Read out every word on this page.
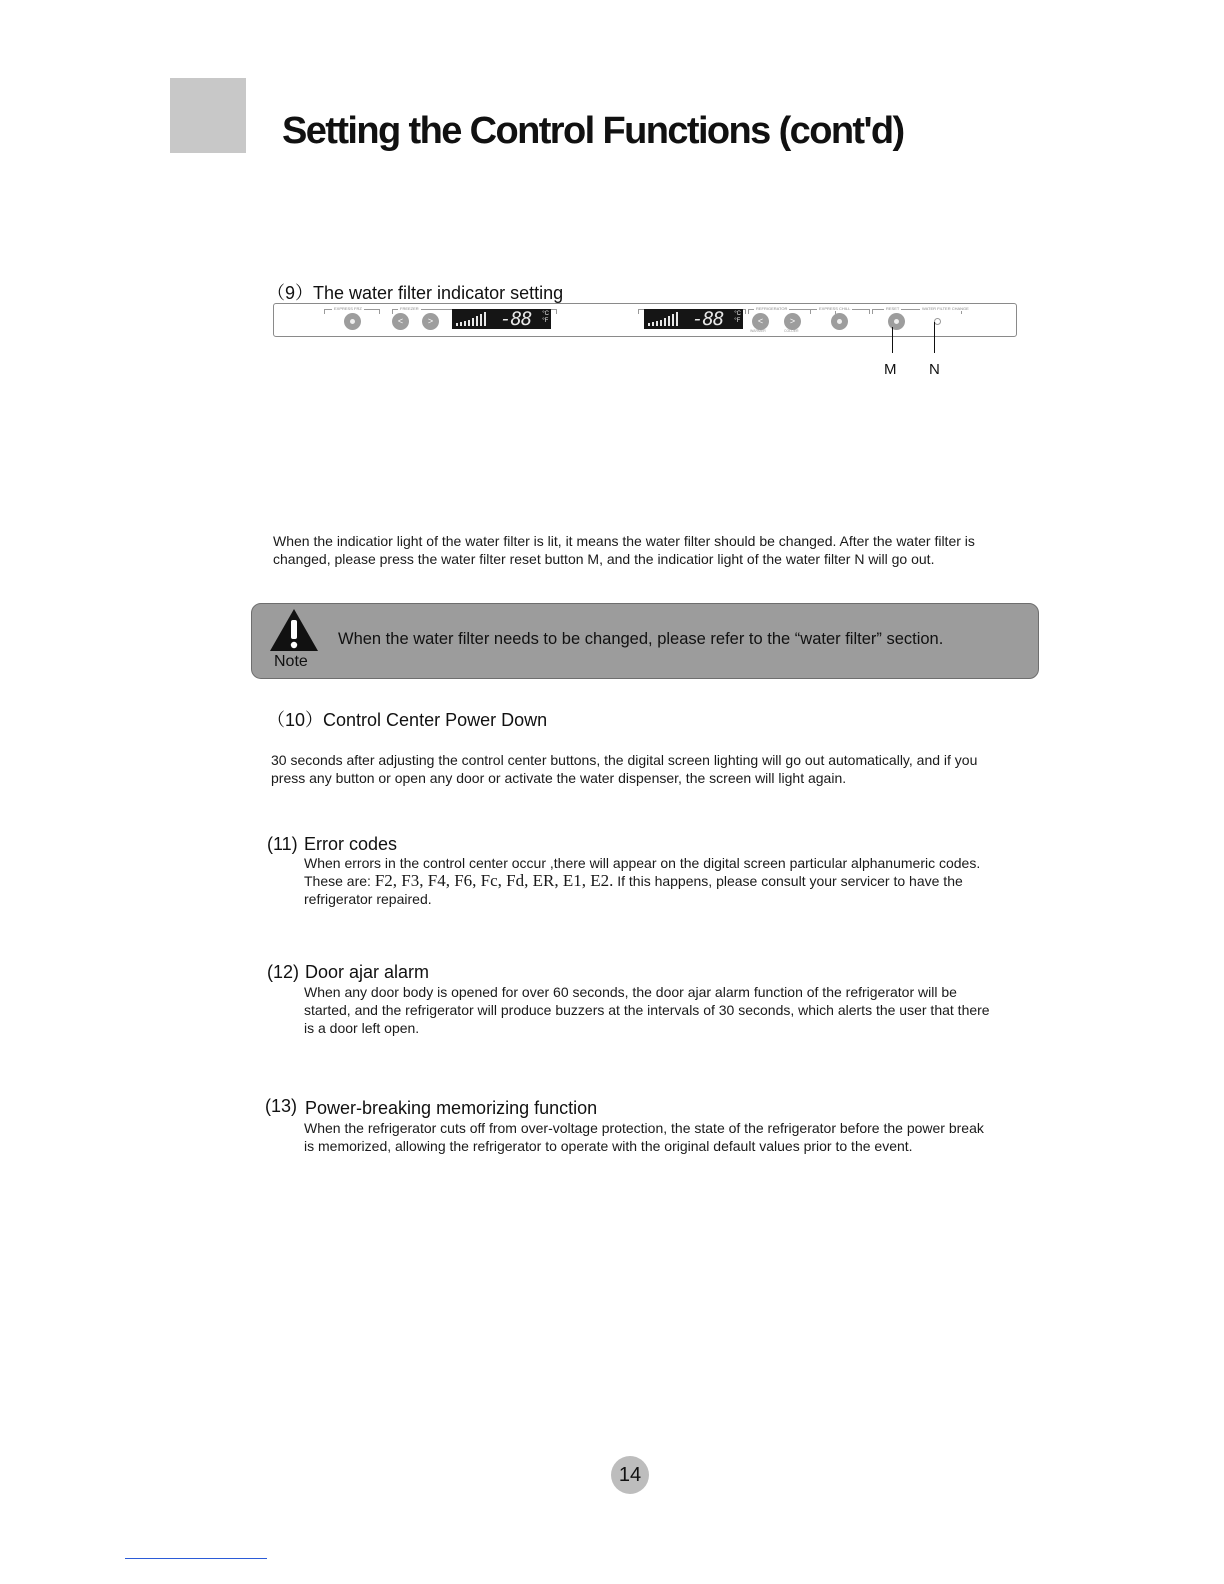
Setting the Control Functions (cont'd)
（9）The water filter indicator setting
EXPRESS FRZ	FREEZER
<	>	-88 °C
°F	-88 °C
°F
REFRIGERATOR
<	>
WARMER	COLDER
EXPRESS CHILL	RESET	WATER FILTER CHANGE
M N
When the indicatior light of the water filter is lit, it means the water filter should be changed. After the water filter is changed, please press the water filter reset button M, and the indicatior light of the water filter N will go out.
Note
When the water filter needs to be changed, please refer to the “water filter” section.
（10）Control Center Power Down
30 seconds after adjusting the control center buttons, the digital screen lighting will go out automatically, and if you press any button or open any door or activate the water dispenser, the screen will light again.
(11) Error codes
When errors in the control center occur ,there will appear on the digital screen particular alphanumeric codes. These are: F2, F3, F4, F6, Fc, Fd, ER, E1, E2. If this happens, please consult your servicer to have the refrigerator repaired.
(12) Door ajar alarm
When any door body is opened for over 60 seconds, the door ajar alarm function of the refrigerator will be started, and the refrigerator will produce buzzers at the intervals of 30 seconds, which alerts the user that there is a door left open.
(13) Power-breaking memorizing function
When the refrigerator cuts off from over-voltage protection, the state of the refrigerator before the power break is memorized, allowing the refrigerator to operate with the original default values prior to the event.
14
